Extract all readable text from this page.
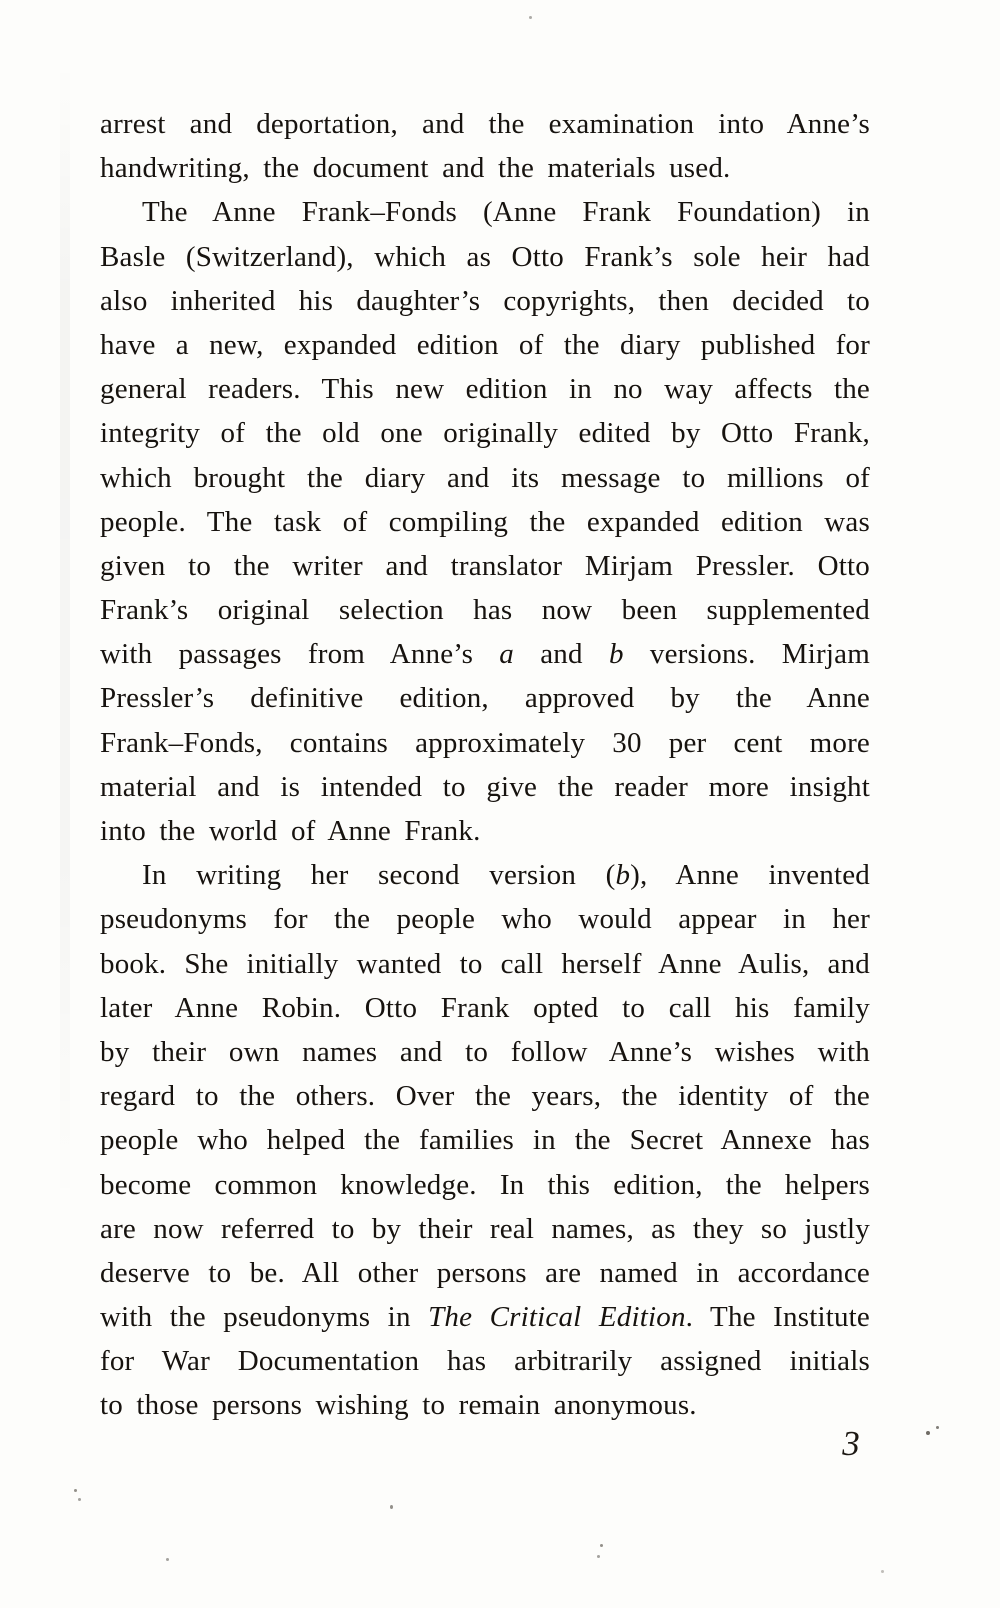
arrest and deportation, and the examination into Anne’s
handwriting, the document and the materials used.
The Anne Frank–Fonds (Anne Frank Foundation) in
Basle (Switzerland), which as Otto Frank’s sole heir had
also inherited his daughter’s copyrights, then decided to
have a new, expanded edition of the diary published for
general readers. This new edition in no way affects the
integrity of the old one originally edited by Otto Frank,
which brought the diary and its message to millions of
people. The task of compiling the expanded edition was
given to the writer and translator Mirjam Pressler. Otto
Frank’s original selection has now been supplemented
with passages from Anne’s a and b versions. Mirjam
Pressler’s definitive edition, approved by the Anne
Frank–Fonds, contains approximately 30 per cent more
material and is intended to give the reader more insight
into the world of Anne Frank.
In writing her second version (b), Anne invented
pseudonyms for the people who would appear in her
book. She initially wanted to call herself Anne Aulis, and
later Anne Robin. Otto Frank opted to call his family
by their own names and to follow Anne’s wishes with
regard to the others. Over the years, the identity of the
people who helped the families in the Secret Annexe has
become common knowledge. In this edition, the helpers
are now referred to by their real names, as they so justly
deserve to be. All other persons are named in accordance
with the pseudonyms in The Critical Edition. The Institute
for War Documentation has arbitrarily assigned initials
to those persons wishing to remain anonymous.
3
